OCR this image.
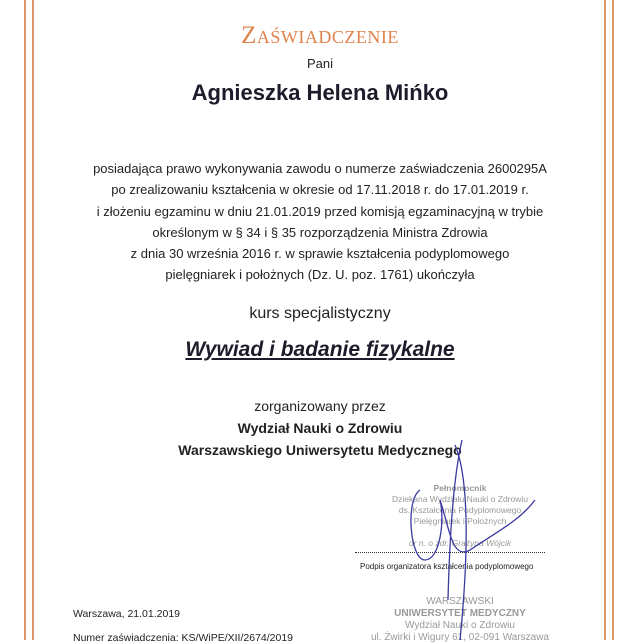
Zaświadczenie
Pani
Agnieszka Helena Mińko
posiadająca prawo wykonywania zawodu o numerze zaświadczenia 2600295A
po zrealizowaniu kształcenia w okresie od 17.11.2018 r. do 17.01.2019 r.
i złożeniu egzaminu w dniu 21.01.2019 przed komisją egzaminacyjną w trybie
określonym w § 34 i § 35 rozporządzenia Ministra Zdrowia
z dnia 30 września 2016 r. w sprawie kształcenia podyplomowego
pielęgniarek i położnych (Dz. U. poz. 1761) ukończyła
kurs specjalistyczny
Wywiad i badanie fizykalne
zorganizowany przez
Wydział Nauki o Zdrowiu
Warszawskiego Uniwersytetu Medycznego
Pełnomocnik
Dziekana Wydziału Nauki o Zdrowiu
ds. Kształcenia Podyplomowego
Pielęgniarek i Położnych
dr n. o zdr. Grażyna Wójcik
Podpis organizatora kształcenia podyplomowego
WARSZAWSKI
UNIWERSYTET MEDYCZNY
Wydział Nauki o Zdrowiu
ul. Żwirki i Wigury 61, 02-091 Warszawa
Warszawa, 21.01.2019
Numer zaświadczenia: KS/WiPE/XII/2674/2019
